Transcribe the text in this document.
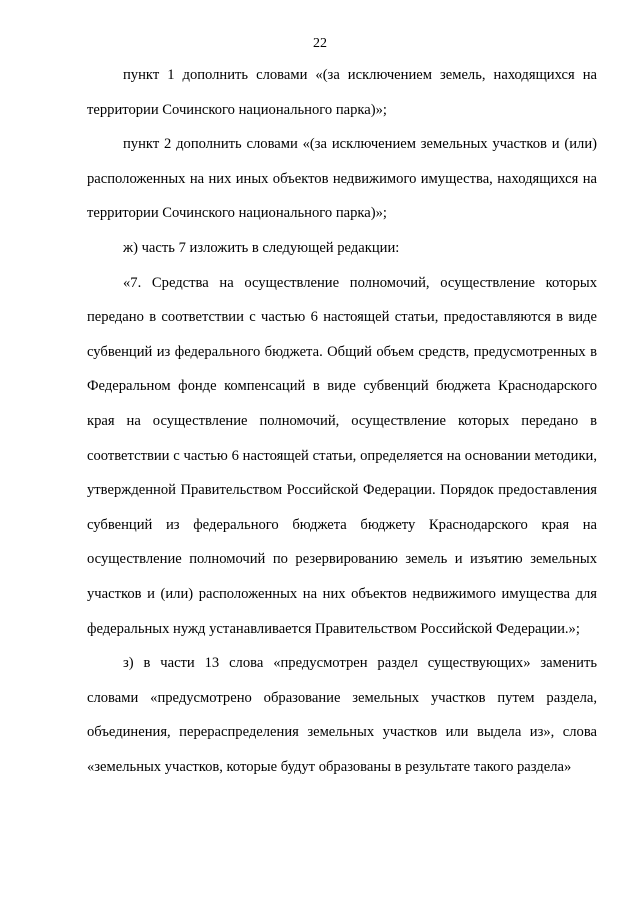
22

пункт 1 дополнить словами «(за исключением земель, находящихся на территории Сочинского национального парка)»;

пункт 2 дополнить словами «(за исключением земельных участков и (или) расположенных на них иных объектов недвижимого имущества, находящихся на территории Сочинского национального парка)»;

ж) часть 7 изложить в следующей редакции:

«7. Средства на осуществление полномочий, осуществление которых передано в соответствии с частью 6 настоящей статьи, предоставляются в виде субвенций из федерального бюджета. Общий объем средств, предусмотренных в Федеральном фонде компенсаций в виде субвенций бюджета Краснодарского края на осуществление полномочий, осуществление которых передано в соответствии с частью 6 настоящей статьи, определяется на основании методики, утвержденной Правительством Российской Федерации. Порядок предоставления субвенций из федерального бюджета бюджету Краснодарского края на осуществление полномочий по резервированию земель и изъятию земельных участков и (или) расположенных на них объектов недвижимого имущества для федеральных нужд устанавливается Правительством Российской Федерации.»;

з) в части 13 слова «предусмотрен раздел существующих» заменить словами «предусмотрено образование земельных участков путем раздела, объединения, перераспределения земельных участков или выдела из», слова «земельных участков, которые будут образованы в результате такого раздела»
